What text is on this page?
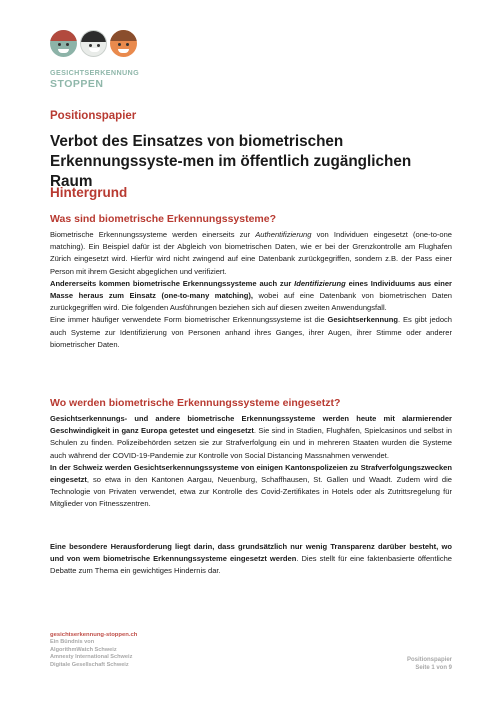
GESICHTSERKENNUNG
STOPPEN
Positionspapier
Verbot des Einsatzes von biometrischen Erkennungssyste-men im öffentlich zugänglichen Raum
Hintergrund
Was sind biometrische Erkennungssysteme?

Biometrische Erkennungssysteme werden einerseits zur Authentifizierung von Individuen eingesetzt (one-to-one matching). Ein Beispiel dafür ist der Abgleich von biometrischen Daten, wie er bei der Grenzkontrolle am Flughafen Zürich eingesetzt wird. Hierfür wird nicht zwingend auf eine Datenbank zurückgegriffen, sondern z.B. der Pass einer Person mit ihrem Gesicht abgeglichen und verifiziert.

Andererseits kommen biometrische Erkennungssysteme auch zur Identifizierung eines Individuums aus einer Masse heraus zum Einsatz (one-to-many matching), wobei auf eine Datenbank von biometrischen Daten zurückgegriffen wird. Die folgenden Ausführungen beziehen sich auf diesen zweiten Anwendungsfall.

Eine immer häufiger verwendete Form biometrischer Erkennungssysteme ist die Gesichtserkennung. Es gibt jedoch auch Systeme zur Identifizierung von Personen anhand ihres Ganges, ihrer Augen, ihrer Stimme oder anderer biometrischer Daten.

Wo werden biometrische Erkennungssysteme eingesetzt?

Gesichtserkennungs- und andere biometrische Erkennungssysteme werden heute mit alarmierender Geschwindigkeit in ganz Europa getestet und eingesetzt. Sie sind in Stadien, Flughäfen, Spielcasinos und selbst in Schulen zu finden. Polizeibehörden setzen sie zur Strafverfolgung ein und in mehreren Staaten wurden die Systeme auch während der COVID-19-Pandemie zur Kontrolle von Social Distancing Massnahmen verwendet.

In der Schweiz werden Gesichtserkennungssysteme von einigen Kantonspolizeien zu Strafverfolgungszwecken eingesetzt, so etwa in den Kantonen Aargau, Neuenburg, Schaffhausen, St. Gallen und Waadt. Zudem wird die Technologie von Privaten verwendet, etwa zur Kontrolle des Covid-Zertifikates in Hotels oder als Zutrittsregelung für Mitglieder von Fitnesszentren.

Eine besondere Herausforderung liegt darin, dass grundsätzlich nur wenig Transparenz darüber besteht, wo und von wem biometrische Erkennungssysteme eingesetzt werden. Dies stellt für eine faktenbasierte öffentliche Debatte zum Thema ein gewichtiges Hindernis dar.

gesichtserkennung-stoppen.ch
Ein Bündnis von
AlgorithmWatch Schweiz
Amnesty International Schweiz
Digitale Gesellschaft Schweiz
Positionspapier
Seite 1 von 9
